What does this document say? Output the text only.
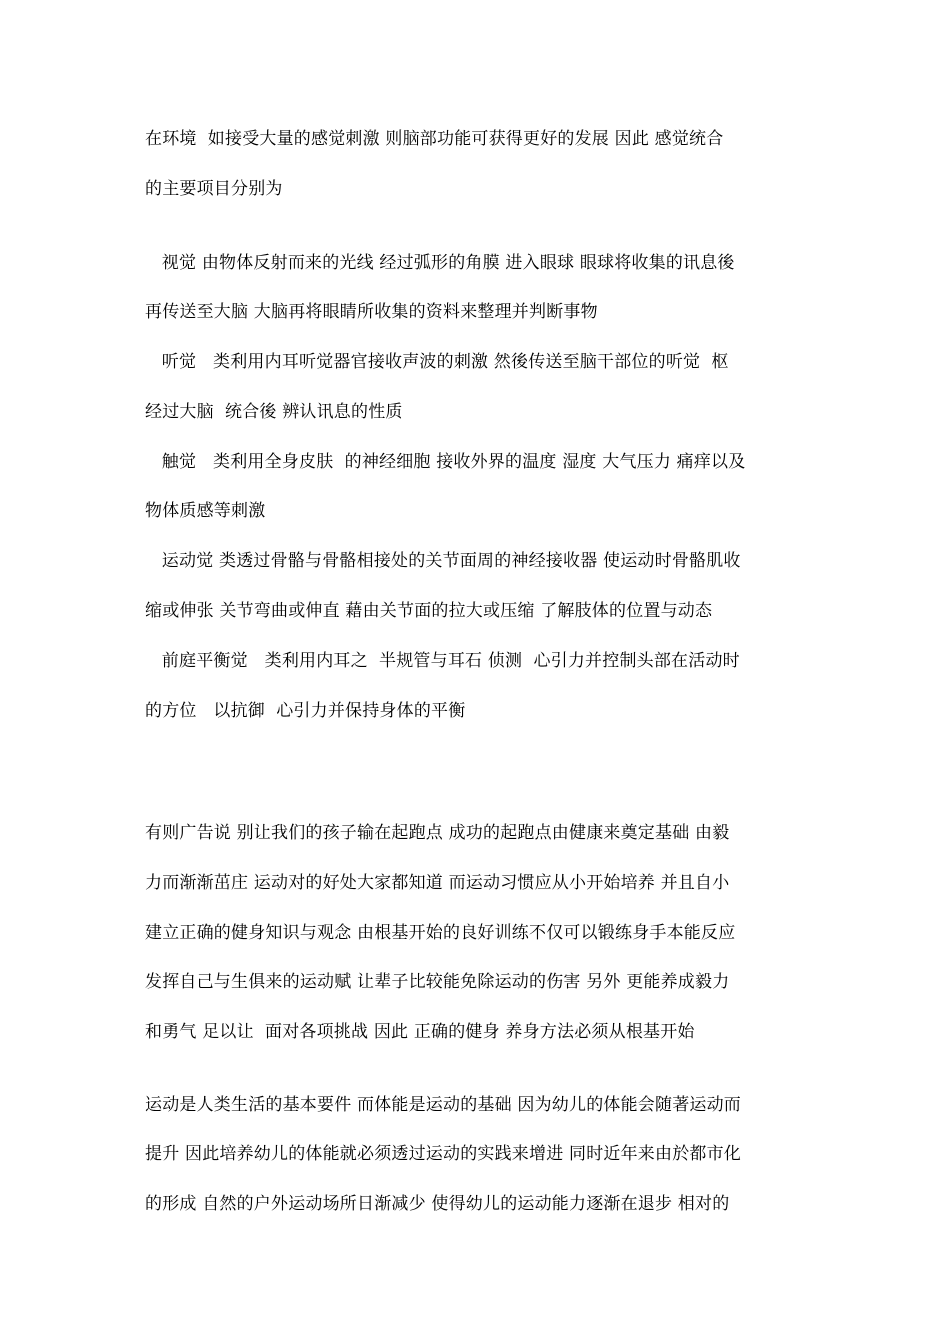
在环境  如接受大量的感觉刺激 则脑部功能可获得更好的发展 因此 感觉统合
的主要项目分别为
视觉 由物体反射而来的光线 经过弧形的角膜 进入眼球 眼球将收集的讯息後
再传送至大脑 大脑再将眼睛所收集的资料来整理并判断事物
听觉   类利用内耳听觉器官接收声波的刺激 然後传送至脑干部位的听觉  枢
经过大脑  统合後 辨认讯息的性质
触觉   类利用全身皮肤  的神经细胞 接收外界的温度 湿度 大气压力 痛痒以及
物体质感等刺激
运动觉 类透过骨骼与骨骼相接处的关节面周的神经接收器 使运动时骨骼肌收
缩或伸张 关节弯曲或伸直 藉由关节面的拉大或压缩 了解肢体的位置与动态
前庭平衡觉   类利用内耳之  半规管与耳石 侦测  心引力并控制头部在活动时
的方位   以抗御  心引力并保持身体的平衡
有则广告说 别让我们的孩子输在起跑点 成功的起跑点由健康来奠定基础 由毅
力而渐渐茁庄 运动对的好处大家都知道 而运动习惯应从小开始培养 并且自小
建立正确的健身知识与观念 由根基开始的良好训练不仅可以锻练身手本能反应
发挥自己与生俱来的运动赋 让辈子比较能免除运动的伤害 另外 更能养成毅力
和勇气 足以让  面对各项挑战 因此 正确的健身 养身方法必须从根基开始
运动是人类生活的基本要件 而体能是运动的基础 因为幼儿的体能会随著运动而
提升 因此培养幼儿的体能就必须透过运动的实践来增进 同时近年来由於都市化
的形成 自然的户外运动场所日渐减少 使得幼儿的运动能力逐渐在退步 相对的
